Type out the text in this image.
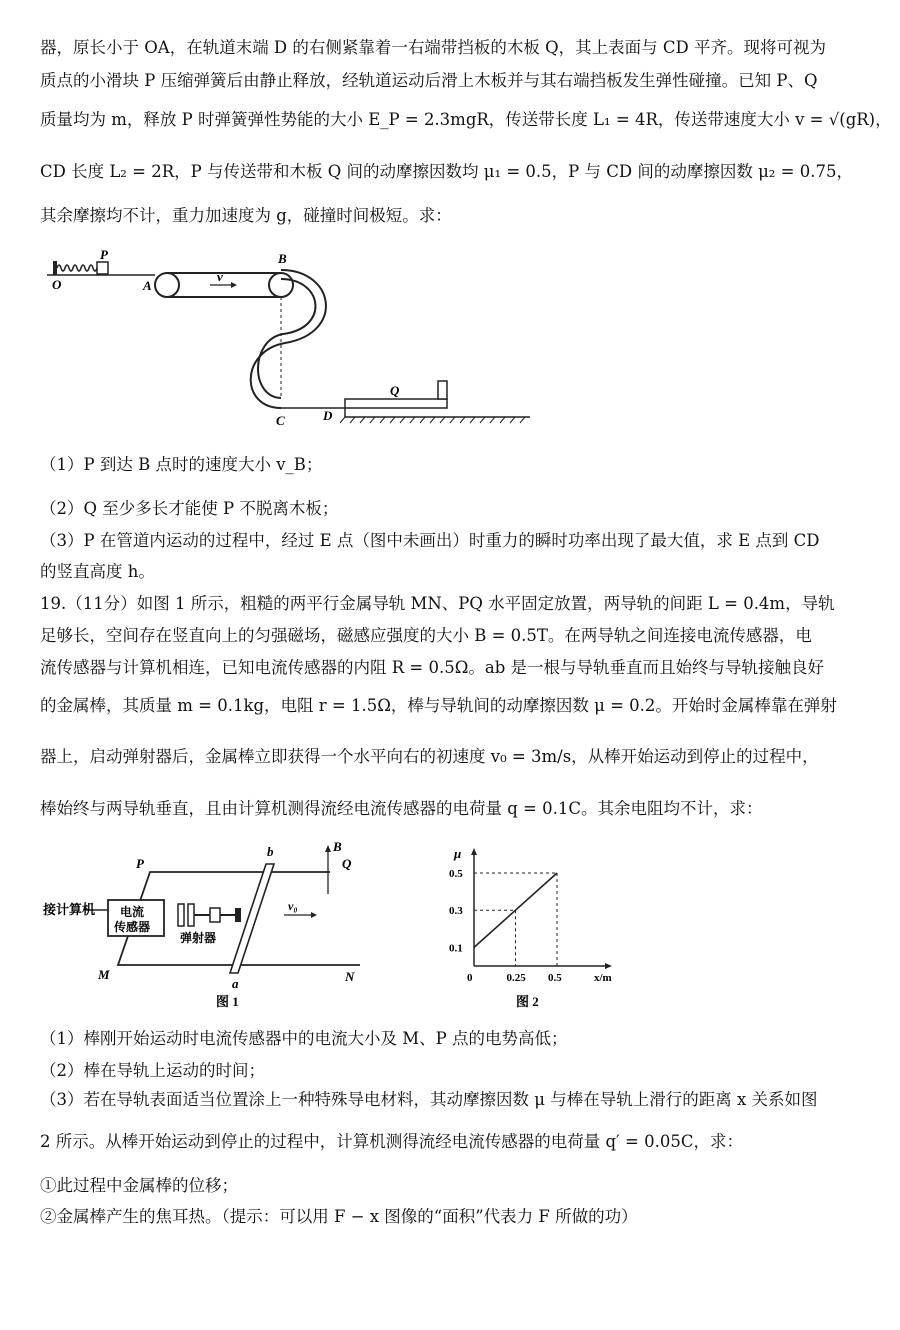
器，原长小于 OA，在轨道末端 D 的右侧紧靠着一右端带挡板的木板 Q，其上表面与 CD 平齐。现将可视为
质点的小滑块 P 压缩弹簧后由静止释放，经轨道运动后滑上木板并与其右端挡板发生弹性碰撞。已知 P、Q
质量均为 m，释放 P 时弹簧弹性势能的大小 E_P = 2.3mgR，传送带长度 L₁ = 4R，传送带速度大小 v = √(gR)，
CD 长度 L₂ = 2R，P 与传送带和木板 Q 间的动摩擦因数均 μ₁ = 0.5，P 与 CD 间的动摩擦因数 μ₂ = 0.75，
其余摩擦均不计，重力加速度为 g，碰撞时间极短。求：
P
O	A
B
v
C	D
Q
（1）P 到达 B 点时的速度大小 v_B；
（2）Q 至少多长才能使 P 不脱离木板；
（3）P 在管道内运动的过程中，经过 E 点（图中未画出）时重力的瞬时功率出现了最大值，求 E 点到 CD
的竖直高度 h。
19.（11分）如图 1 所示，粗糙的两平行金属导轨 MN、PQ 水平固定放置，两导轨的间距 L = 0.4m，导轨
足够长，空间存在竖直向上的匀强磁场，磁感应强度的大小 B = 0.5T。在两导轨之间连接电流传感器，电
流传感器与计算机相连，已知电流传感器的内阻 R = 0.5Ω。ab 是一根与导轨垂直而且始终与导轨接触良好
的金属棒，其质量 m = 0.1kg，电阻 r = 1.5Ω，棒与导轨间的动摩擦因数 μ = 0.2。开始时金属棒靠在弹射
器上，启动弹射器后，金属棒立即获得一个水平向右的初速度 v₀ = 3m/s，从棒开始运动到停止的过程中，
棒始终与两导轨垂直，且由计算机测得流经电流传感器的电荷量 q = 0.1C。其余电阻均不计，求：
P	Q
M	N
a
b	B
v₀
接计算机 电流
传感器
弹射器
图 1
0.25 0.5
0.1
0.3
0.5
μ
x/m
0
图 2
（1）棒刚开始运动时电流传感器中的电流大小及 M、P 点的电势高低；
（2）棒在导轨上运动的时间；
（3）若在导轨表面适当位置涂上一种特殊导电材料，其动摩擦因数 μ 与棒在导轨上滑行的距离 x 关系如图
2 所示。从棒开始运动到停止的过程中，计算机测得流经电流传感器的电荷量 q′ = 0.05C，求：
①此过程中金属棒的位移；
②金属棒产生的焦耳热。（提示：可以用 F − x 图像的“面积”代表力 F 所做的功）
